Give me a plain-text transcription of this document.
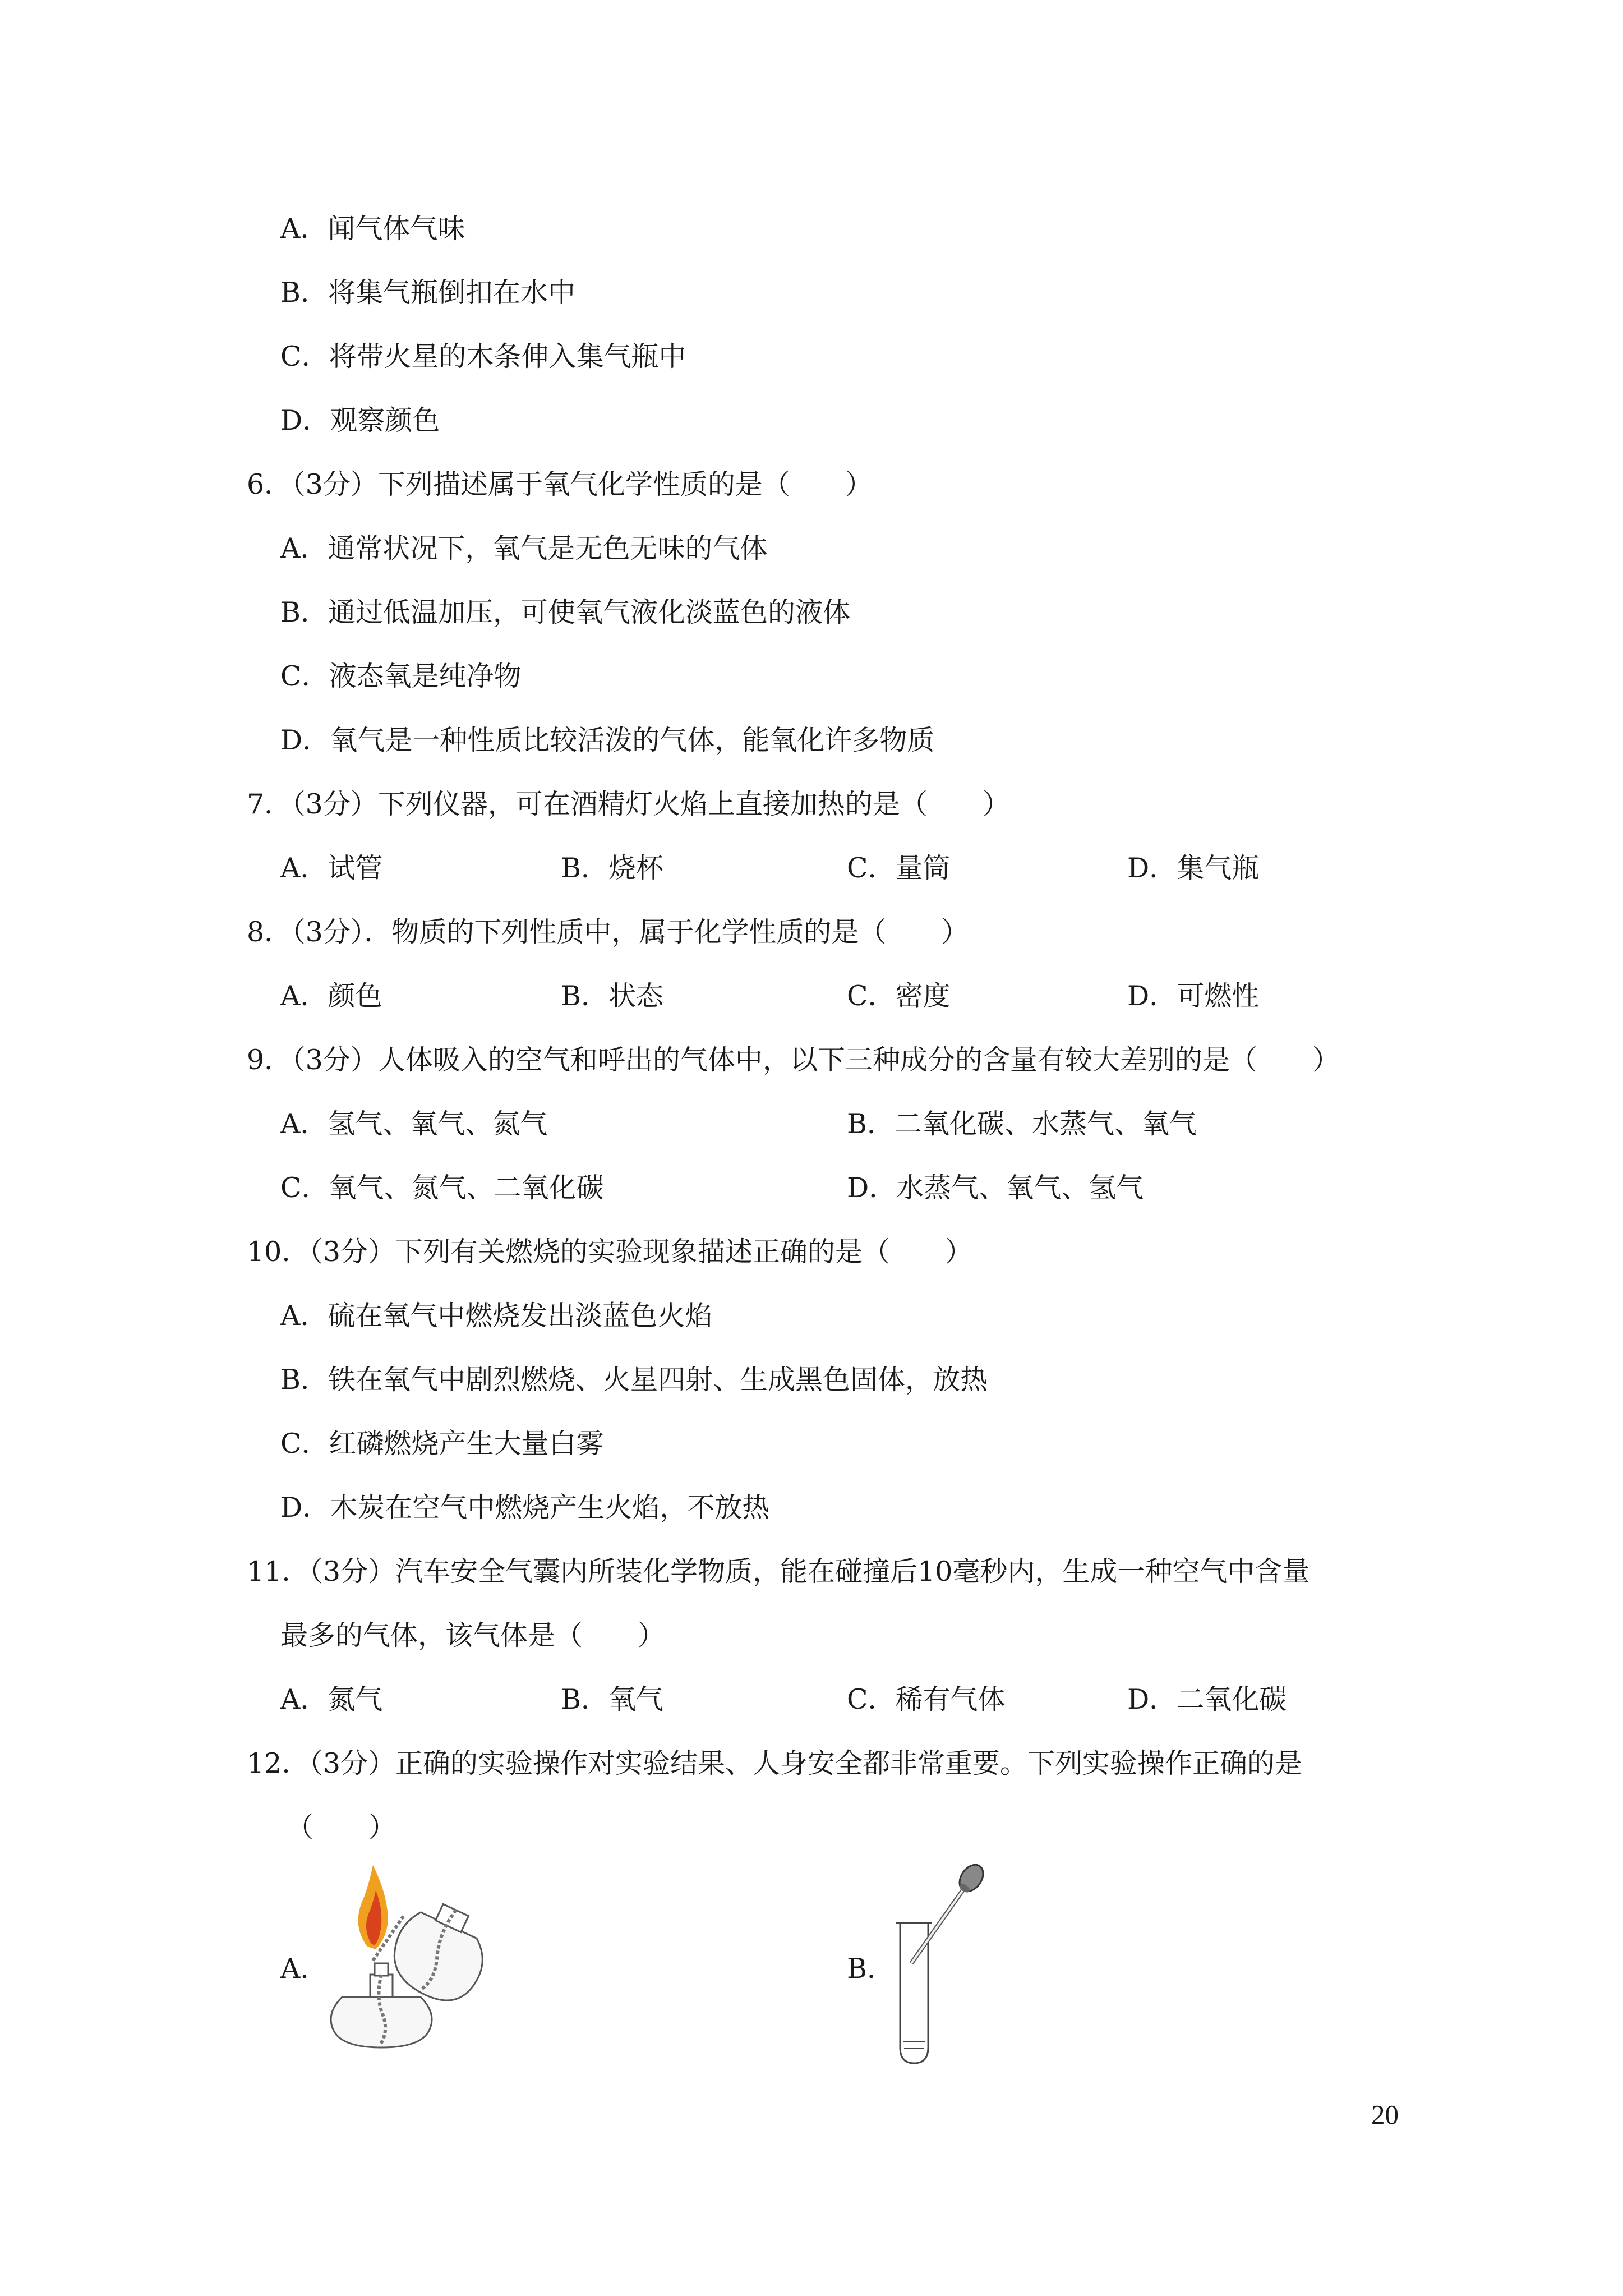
A．闻气体气味
B．将集气瓶倒扣在水中
C．将带火星的木条伸入集气瓶中
D．观察颜色
6．（3分）下列描述属于氧气化学性质的是（　　）
A．通常状况下，氧气是无色无味的气体
B．通过低温加压，可使氧气液化淡蓝色的液体
C．液态氧是纯净物
D．氧气是一种性质比较活泼的气体，能氧化许多物质
7．（3分）下列仪器，可在酒精灯火焰上直接加热的是（　　）
A．试管	B．烧杯	C．量筒	D．集气瓶
8．（3分）．物质的下列性质中，属于化学性质的是（　　）
A．颜色	B．状态	C．密度	D．可燃性
9．（3分）人体吸入的空气和呼出的气体中，以下三种成分的含量有较大差别的是（　　）
A．氢气、氧气、氮气	B．二氧化碳、水蒸气、氧气
C．氧气、氮气、二氧化碳	D．水蒸气、氧气、氢气
10．（3分）下列有关燃烧的实验现象描述正确的是（　　）
A．硫在氧气中燃烧发出淡蓝色火焰
B．铁在氧气中剧烈燃烧、火星四射、生成黑色固体，放热
C．红磷燃烧产生大量白雾
D．木炭在空气中燃烧产生火焰，不放热
11．（3分）汽车安全气囊内所装化学物质，能在碰撞后10毫秒内，生成一种空气中含量
最多的气体，该气体是（　　）
A．氮气	B．氧气	C．稀有气体	D．二氧化碳
12．（3分）正确的实验操作对实验结果、人身安全都非常重要。下列实验操作正确的是
（　　）
A．	B．
20
